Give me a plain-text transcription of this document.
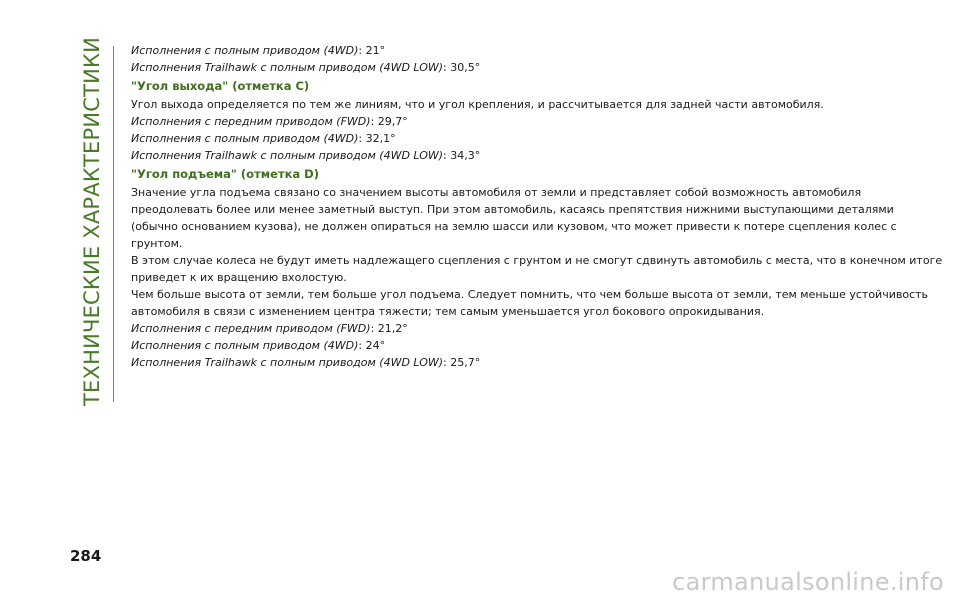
ТЕХНИЧЕСКИЕ ХАРАКТЕРИСТИКИ Исполнения с полным приводом (4WD): 21°

Исполнения Trailhawk с полным приводом (4WD LOW): 30,5°

"Угол выхода" (отметка C)

Угол выхода определяется по тем же линиям, что и угол крепления, и рассчитывается для задней части автомобиля.

Исполнения с передним приводом (FWD): 29,7°

Исполнения с полным приводом (4WD): 32,1°

Исполнения Trailhawk с полным приводом (4WD LOW): 34,3°

"Угол подъема" (отметка D)

Значение угла подъема связано со значением высоты автомобиля от земли и представляет собой возможность автомобиля

преодолевать более или менее заметный выступ. При этом автомобиль, касаясь препятствия нижними выступающими деталями

(обычно основанием кузова), не должен опираться на землю шасси или кузовом, что может привести к потере сцепления колес с

грунтом.

В этом случае колеса не будут иметь надлежащего сцепления с грунтом и не смогут сдвинуть автомобиль с места, что в конечном итоге

приведет к их вращению вхолостую.

Чем больше высота от земли, тем больше угол подъема. Следует помнить, что чем больше высота от земли, тем меньше устойчивость

автомобиля в связи с изменением центра тяжести; тем самым уменьшается угол бокового опрокидывания.

Исполнения с передним приводом (FWD): 21,2°

Исполнения с полным приводом (4WD): 24°

Исполнения Trailhawk с полным приводом (4WD LOW): 25,7°

284
carmanualsonline.info
